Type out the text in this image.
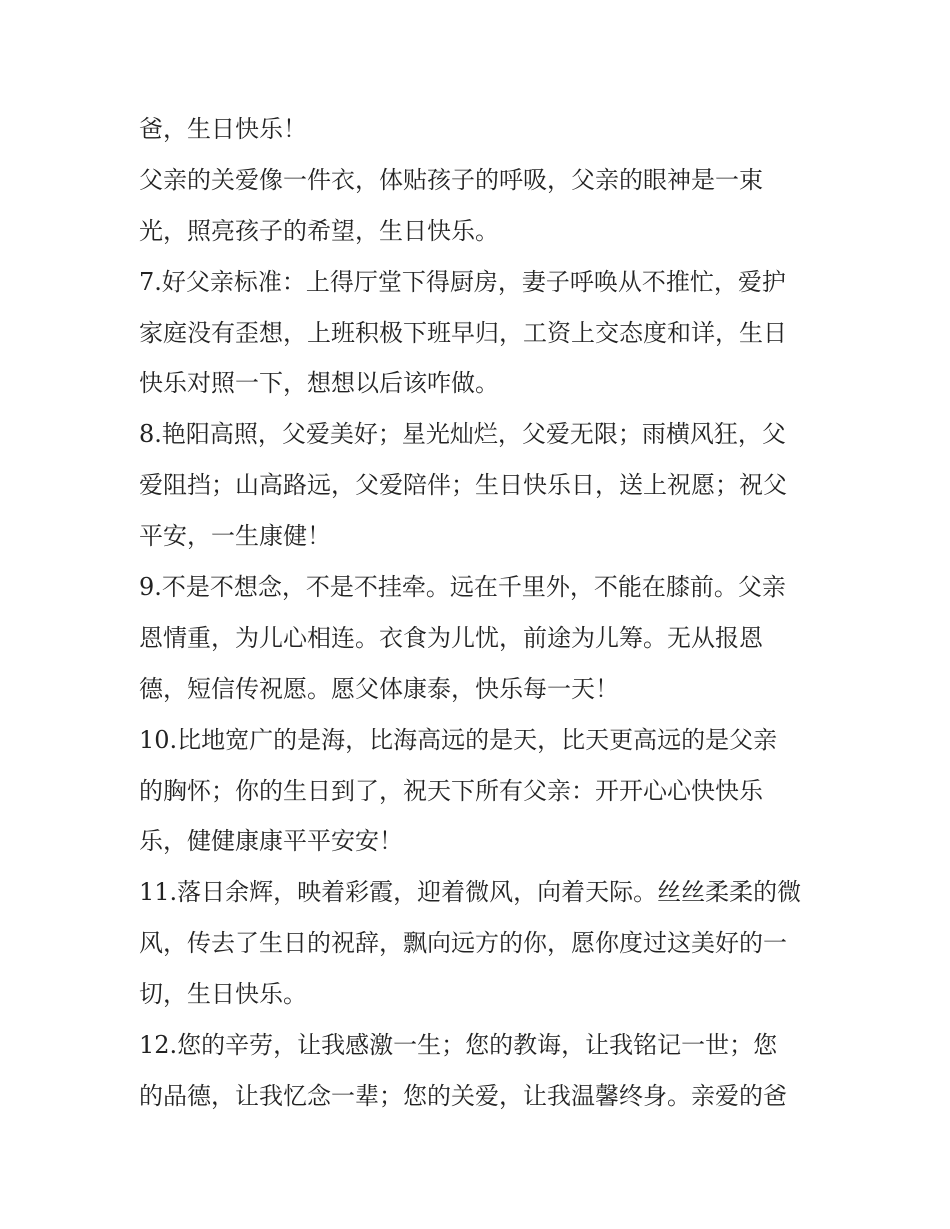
爸，生日快乐！

父亲的关爱像一件衣，体贴孩子的呼吸，父亲的眼神是一束
光，照亮孩子的希望，生日快乐。

7.好父亲标准：上得厅堂下得厨房，妻子呼唤从不推忙，爱护
家庭没有歪想，上班积极下班早归，工资上交态度和详，生日
快乐对照一下，想想以后该咋做。

8.艳阳高照，父爱美好；星光灿烂，父爱无限；雨横风狂，父
爱阻挡；山高路远，父爱陪伴；生日快乐日，送上祝愿；祝父
平安，一生康健！

9.不是不想念，不是不挂牵。远在千里外，不能在膝前。父亲
恩情重，为儿心相连。衣食为儿忧，前途为儿筹。无从报恩
德，短信传祝愿。愿父体康泰，快乐每一天！

10.比地宽广的是海，比海高远的是天，比天更高远的是父亲
的胸怀；你的生日到了，祝天下所有父亲：开开心心快快乐
乐，健健康康平平安安！

11.落日余辉，映着彩霞，迎着微风，向着天际。丝丝柔柔的微
风，传去了生日的祝辞，飘向远方的你，愿你度过这美好的一
切，生日快乐。

12.您的辛劳，让我感激一生；您的教诲，让我铭记一世；您
的品德，让我忆念一辈；您的关爱，让我温馨终身。亲爱的爸
